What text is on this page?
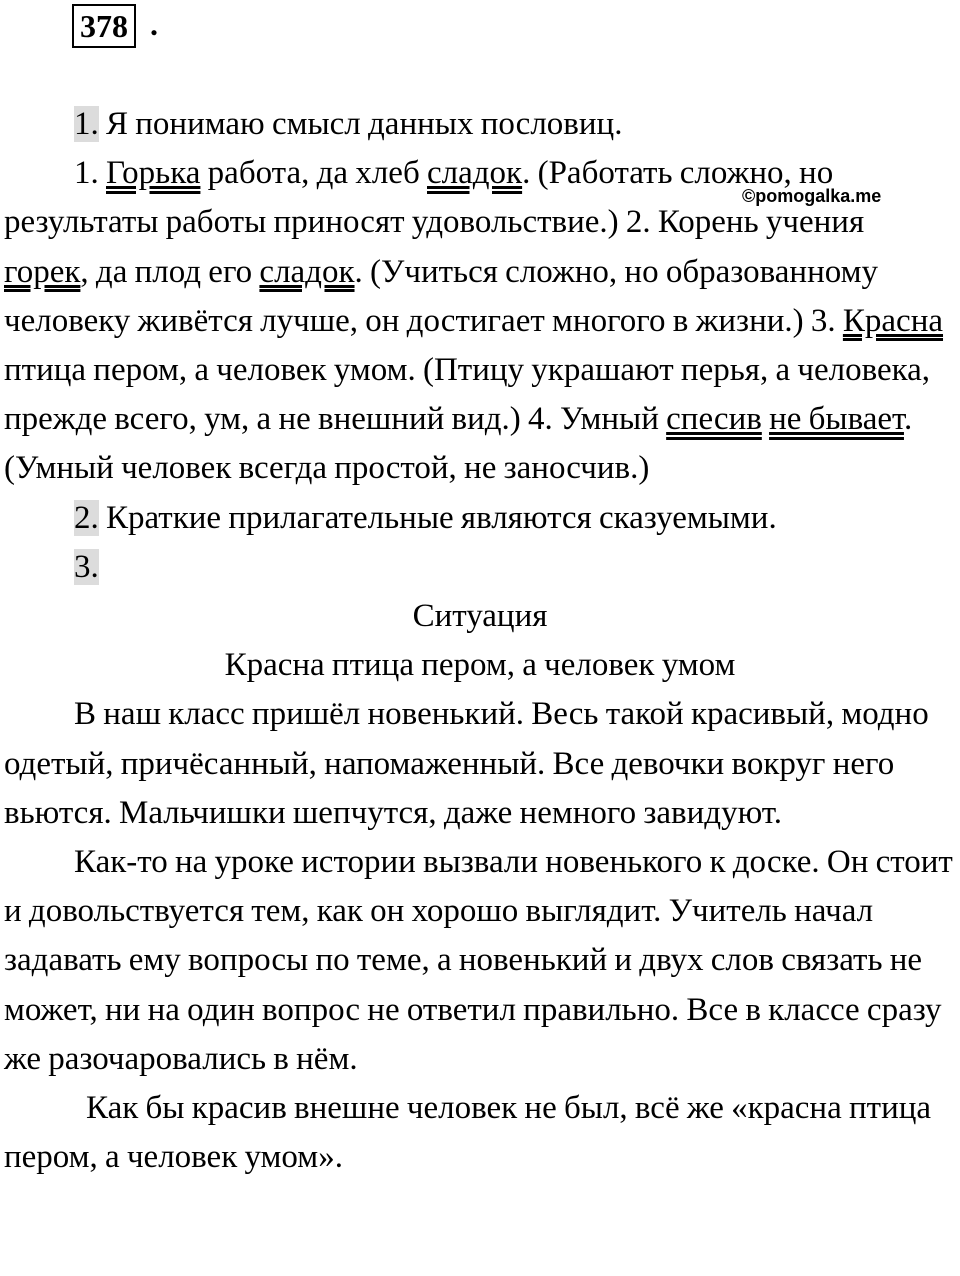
378 .

1. Я понимаю смысл данных пословиц.

1. Горька работа, да хлеб сладок. (Работать сложно, но результаты работы приносят удовольствие.) 2. Корень учения горек, да плод его сладок. (Учиться сложно, но образованному человеку живётся лучше, он достигает многого в жизни.) 3. Красна птица пером, а человек умом. (Птицу украшают перья, а человека, прежде всего, ум, а не внешний вид.) 4. Умный спесив не бывает. (Умный человек всегда простой, не заносчив.)

2. Краткие прилагательные являются сказуемыми.

3.

Ситуация

Красна птица пером, а человек умом

В наш класс пришёл новенький. Весь такой красивый, модно одетый, причёсанный, напомаженный. Все девочки вокруг него вьются. Мальчишки шепчутся, даже немного завидуют.

Как-то на уроке истории вызвали новенького к доске. Он стоит и довольствуется тем, как он хорошо выглядит. Учитель начал задавать ему вопросы по теме, а новенький и двух слов связать не может, ни на один вопрос не ответил правильно. Все в классе сразу же разочаровались в нём.

Как бы красив внешне человек не был, всё же «красна птица пером, а человек умом».

©pomogalka.me
